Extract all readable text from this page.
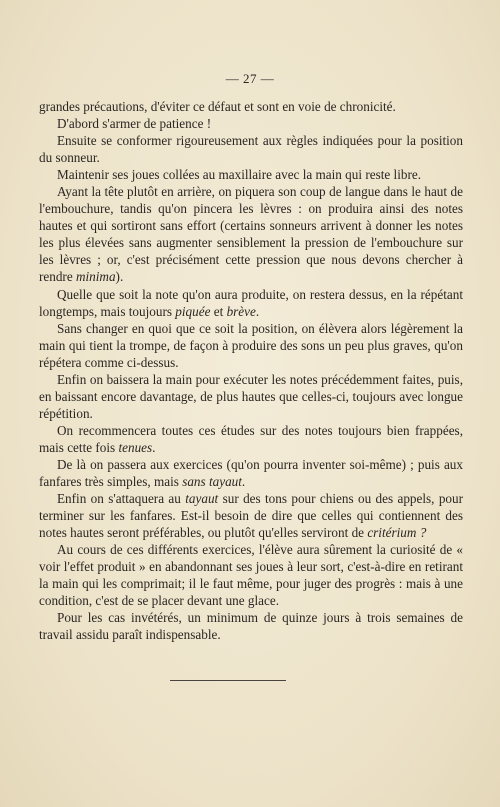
— 27 —

grandes précautions, d'éviter ce défaut et sont en voie de chronicité.

D'abord s'armer de patience !

Ensuite se conformer rigoureusement aux règles indiquées pour la position du sonneur.

Maintenir ses joues collées au maxillaire avec la main qui reste libre.

Ayant la tête plutôt en arrière, on piquera son coup de langue dans le haut de l'embouchure, tandis qu'on pincera les lèvres : on produira ainsi des notes hautes et qui sortiront sans effort (certains sonneurs arrivent à donner les notes les plus élevées sans augmenter sensiblement la pression de l'embouchure sur les lèvres ; or, c'est précisément cette pression que nous devons chercher à rendre minima).

Quelle que soit la note qu'on aura produite, on restera dessus, en la répétant longtemps, mais toujours piquée et brève.

Sans changer en quoi que ce soit la position, on élèvera alors légèrement la main qui tient la trompe, de façon à produire des sons un peu plus graves, qu'on répétera comme ci-dessus.

Enfin on baissera la main pour exécuter les notes précédemment faites, puis, en baissant encore davantage, de plus hautes que celles-ci, toujours avec longue répétition.

On recommencera toutes ces études sur des notes toujours bien frappées, mais cette fois tenues.

De là on passera aux exercices (qu'on pourra inventer soi-même) ; puis aux fanfares très simples, mais sans tayaut.

Enfin on s'attaquera au tayaut sur des tons pour chiens ou des appels, pour terminer sur les fanfares. Est-il besoin de dire que celles qui contiennent des notes hautes seront préférables, ou plutôt qu'elles serviront de critérium ?

Au cours de ces différents exercices, l'élève aura sûrement la curiosité de « voir l'effet produit » en abandonnant ses joues à leur sort, c'est-à-dire en retirant la main qui les comprimait; il le faut même, pour juger des progrès : mais à une condition, c'est de se placer devant une glace.

Pour les cas invétérés, un minimum de quinze jours à trois semaines de travail assidu paraît indispensable.
